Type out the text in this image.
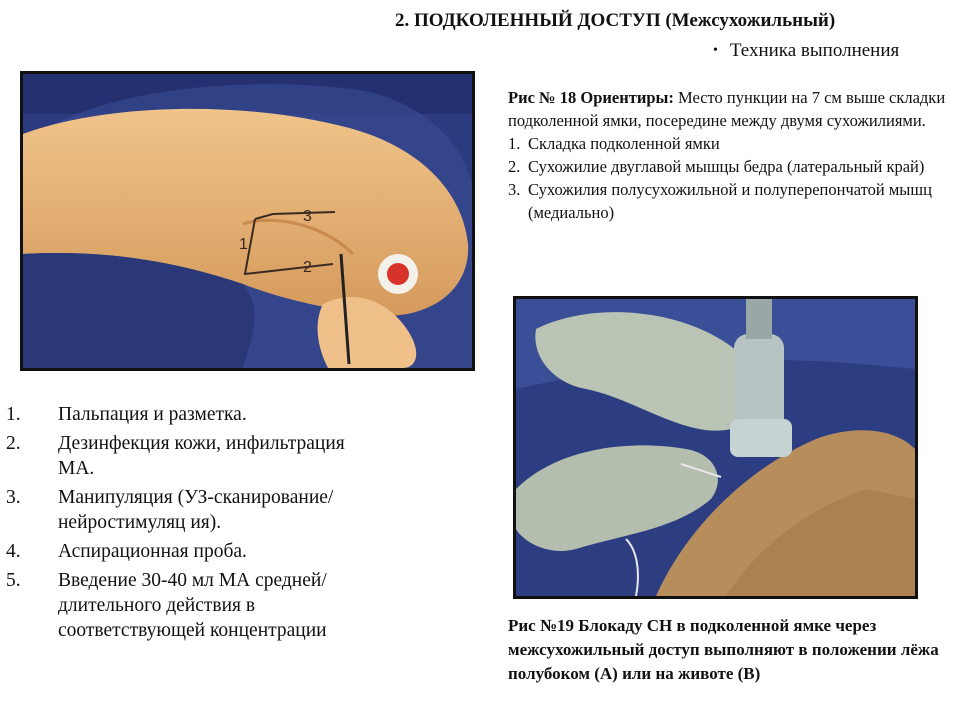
2. ПОДКОЛЕННЫЙ ДОСТУП (Межсухожильный)
• Техника выполнения
3
1
2
Рис № 18 Ориентиры: Место пункции на 7 см выше складки подколенной ямки, посередине между двумя сухожилиями.
1. Складка подколенной ямки
2. Сухожилие двуглавой мышцы бедра (латеральный край)
3. Сухожилия полусухожильной и полуперепончатой мышц (медиально)
1. Пальпация и разметка.
2. Дезинфекция кожи, инфильтрация МА.
3. Манипуляция (УЗ-сканирование/нейростимуляц ия).
4. Аспирационная проба.
5. Введение 30-40 мл МА средней/длительного действия в соответствующей концентрации	Рис №19 Блокаду СН в подколенной ямке через межсухожильный доступ выполняют в положении лёжа полубоком (А) или на животе (В)
